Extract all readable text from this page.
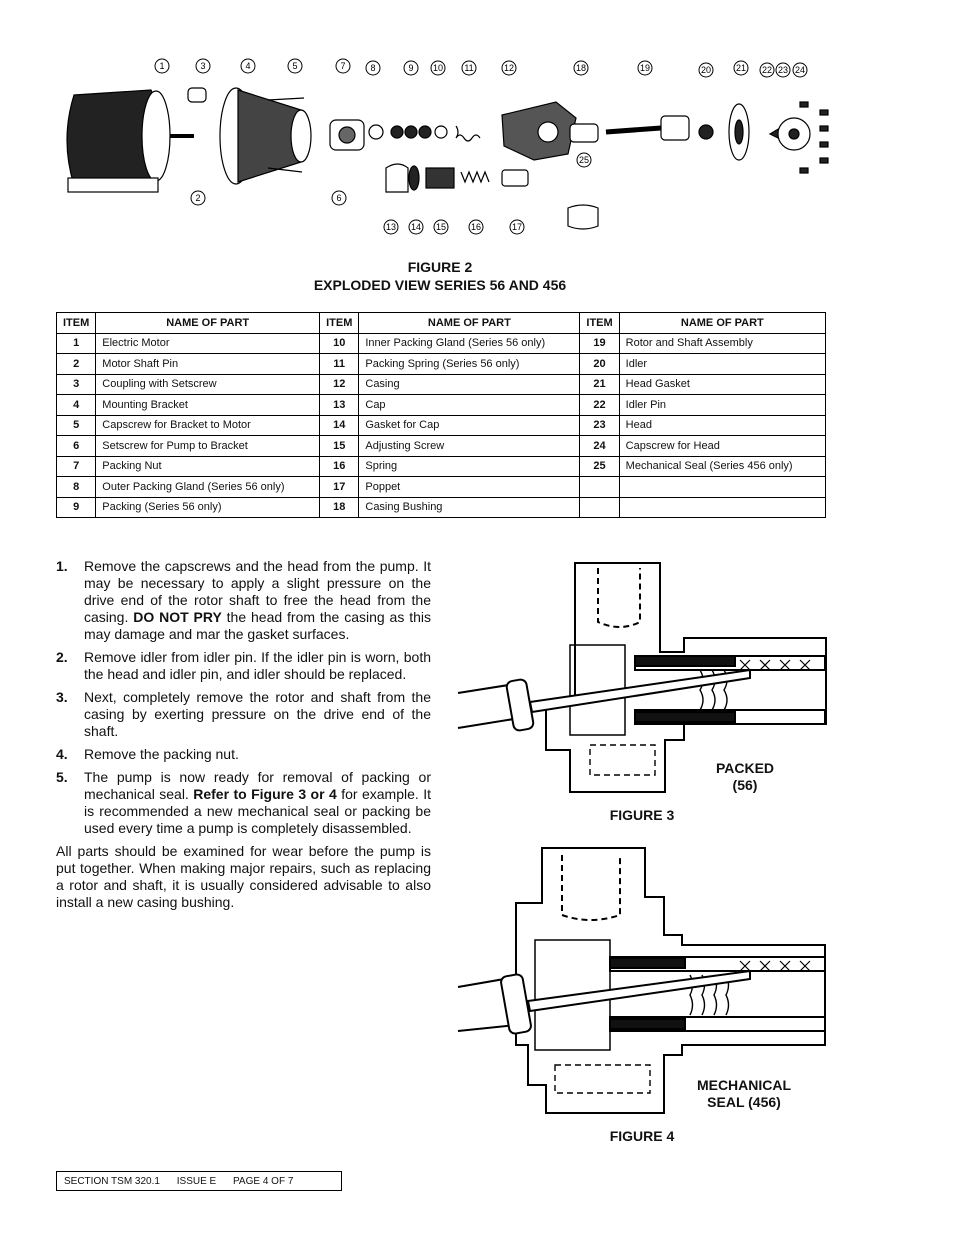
1
2
3	4	5
6
7	8	9 10 11	12
13 14 15	16	17
18	19	20	21 22 23 24
25
FIGURE 2
EXPLODED VIEW SERIES 56 AND 456
ITEM	NAME OF PART	ITEM	NAME OF PART	ITEM	NAME OF PART
1	Electric Motor	10	Inner Packing Gland (Series 56 only)	19	Rotor and Shaft Assembly
2	Motor Shaft Pin	11	Packing Spring (Series 56 only)	20	Idler
3	Coupling with Setscrew	12	Casing	21	Head Gasket
4	Mounting Bracket	13	Cap	22	Idler Pin
5	Capscrew for Bracket to Motor	14	Gasket for Cap	23	Head
6	Setscrew for Pump to Bracket	15	Adjusting Screw	24	Capscrew for Head
7	Packing Nut	16	Spring	25	Mechanical Seal (Series 456 only)
8	Outer Packing Gland (Series 56 only)	17	Poppet		
9	Packing (Series 56 only)	18	Casing Bushing		
1.	Remove the capscrews and the head from the pump. It may be necessary to apply a slight pressure on the drive end of the rotor shaft to free the head from the casing. DO NOT PRY the head from the casing as this may damage and mar the gasket surfaces.
2.	Remove idler from idler pin. If the idler pin is worn, both the head and idler pin, and idler should be replaced.
3.	Next, completely remove the rotor and shaft from the casing by exerting pressure on the drive end of the shaft.
4.	Remove the packing nut.
5.	The pump is now ready for removal of packing or mechanical seal. Refer to Figure 3 or 4 for example. It is recommended a new mechanical seal or packing be used every time a pump is completely disassembled.

All parts should be examined for wear before the pump is put together. When making major repairs, such as replacing a rotor and shaft, it is usually considered advisable to also install a new casing bushing.

PACKED
(56)
FIGURE 3
MECHANICAL
SEAL (456)
FIGURE 4
SECTION TSM 320.1 ISSUE E PAGE 4 OF 7
